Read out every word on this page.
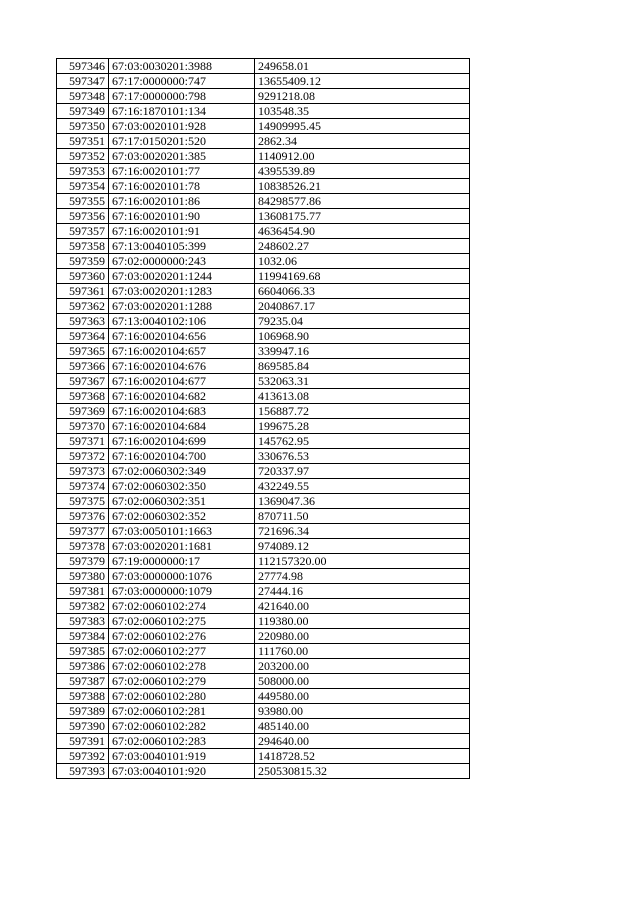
597346	67:03:0030201:3988	249658.01
597347	67:17:0000000:747	13655409.12
597348	67:17:0000000:798	9291218.08
597349	67:16:1870101:134	103548.35
597350	67:03:0020101:928	14909995.45
597351	67:17:0150201:520	2862.34
597352	67:03:0020201:385	1140912.00
597353	67:16:0020101:77	4395539.89
597354	67:16:0020101:78	10838526.21
597355	67:16:0020101:86	84298577.86
597356	67:16:0020101:90	13608175.77
597357	67:16:0020101:91	4636454.90
597358	67:13:0040105:399	248602.27
597359	67:02:0000000:243	1032.06
597360	67:03:0020201:1244	11994169.68
597361	67:03:0020201:1283	6604066.33
597362	67:03:0020201:1288	2040867.17
597363	67:13:0040102:106	79235.04
597364	67:16:0020104:656	106968.90
597365	67:16:0020104:657	339947.16
597366	67:16:0020104:676	869585.84
597367	67:16:0020104:677	532063.31
597368	67:16:0020104:682	413613.08
597369	67:16:0020104:683	156887.72
597370	67:16:0020104:684	199675.28
597371	67:16:0020104:699	145762.95
597372	67:16:0020104:700	330676.53
597373	67:02:0060302:349	720337.97
597374	67:02:0060302:350	432249.55
597375	67:02:0060302:351	1369047.36
597376	67:02:0060302:352	870711.50
597377	67:03:0050101:1663	721696.34
597378	67:03:0020201:1681	974089.12
597379	67:19:0000000:17	112157320.00
597380	67:03:0000000:1076	27774.98
597381	67:03:0000000:1079	27444.16
597382	67:02:0060102:274	421640.00
597383	67:02:0060102:275	119380.00
597384	67:02:0060102:276	220980.00
597385	67:02:0060102:277	111760.00
597386	67:02:0060102:278	203200.00
597387	67:02:0060102:279	508000.00
597388	67:02:0060102:280	449580.00
597389	67:02:0060102:281	93980.00
597390	67:02:0060102:282	485140.00
597391	67:02:0060102:283	294640.00
597392	67:03:0040101:919	1418728.52
597393	67:03:0040101:920	250530815.32
